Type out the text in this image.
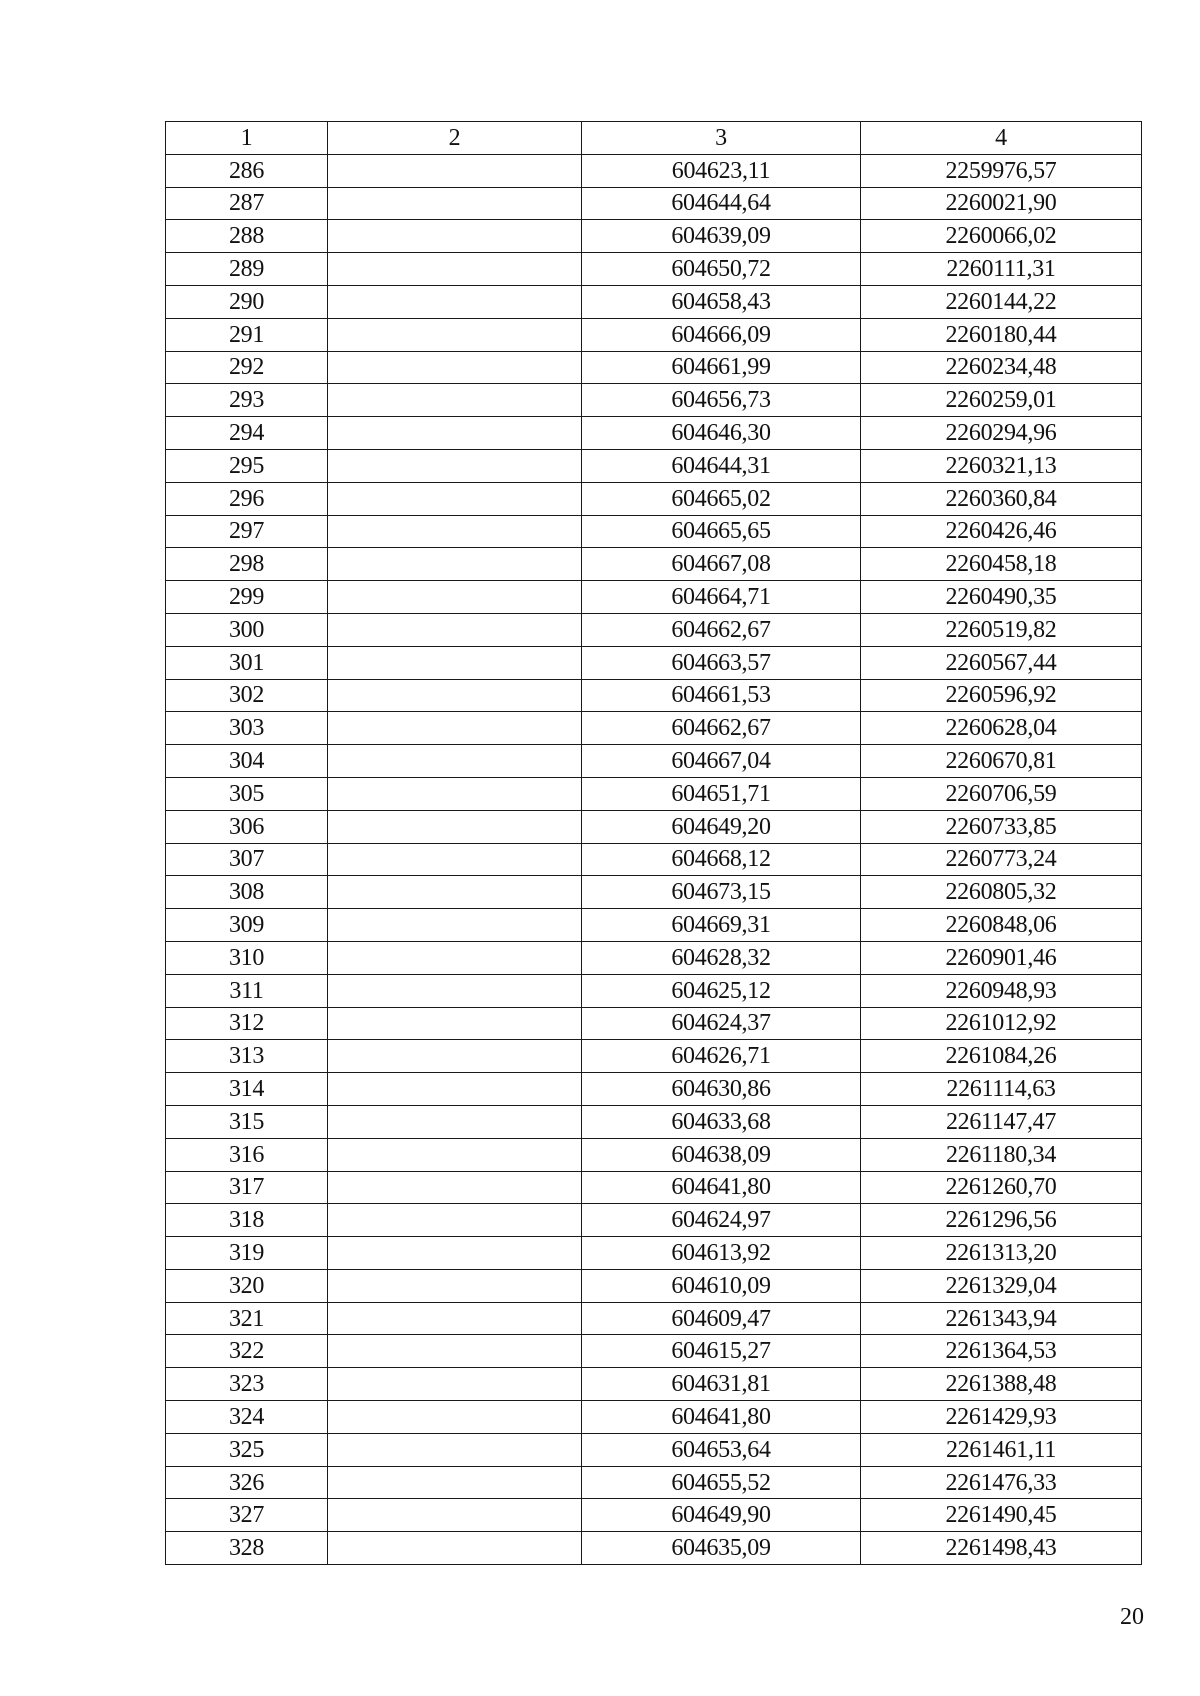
1	2	3	4
286		604623,11	2259976,57
287		604644,64	2260021,90
288		604639,09	2260066,02
289		604650,72	2260111,31
290		604658,43	2260144,22
291		604666,09	2260180,44
292		604661,99	2260234,48
293		604656,73	2260259,01
294		604646,30	2260294,96
295		604644,31	2260321,13
296		604665,02	2260360,84
297		604665,65	2260426,46
298		604667,08	2260458,18
299		604664,71	2260490,35
300		604662,67	2260519,82
301		604663,57	2260567,44
302		604661,53	2260596,92
303		604662,67	2260628,04
304		604667,04	2260670,81
305		604651,71	2260706,59
306		604649,20	2260733,85
307		604668,12	2260773,24
308		604673,15	2260805,32
309		604669,31	2260848,06
310		604628,32	2260901,46
311		604625,12	2260948,93
312		604624,37	2261012,92
313		604626,71	2261084,26
314		604630,86	2261114,63
315		604633,68	2261147,47
316		604638,09	2261180,34
317		604641,80	2261260,70
318		604624,97	2261296,56
319		604613,92	2261313,20
320		604610,09	2261329,04
321		604609,47	2261343,94
322		604615,27	2261364,53
323		604631,81	2261388,48
324		604641,80	2261429,93
325		604653,64	2261461,11
326		604655,52	2261476,33
327		604649,90	2261490,45
328		604635,09	2261498,43
20
